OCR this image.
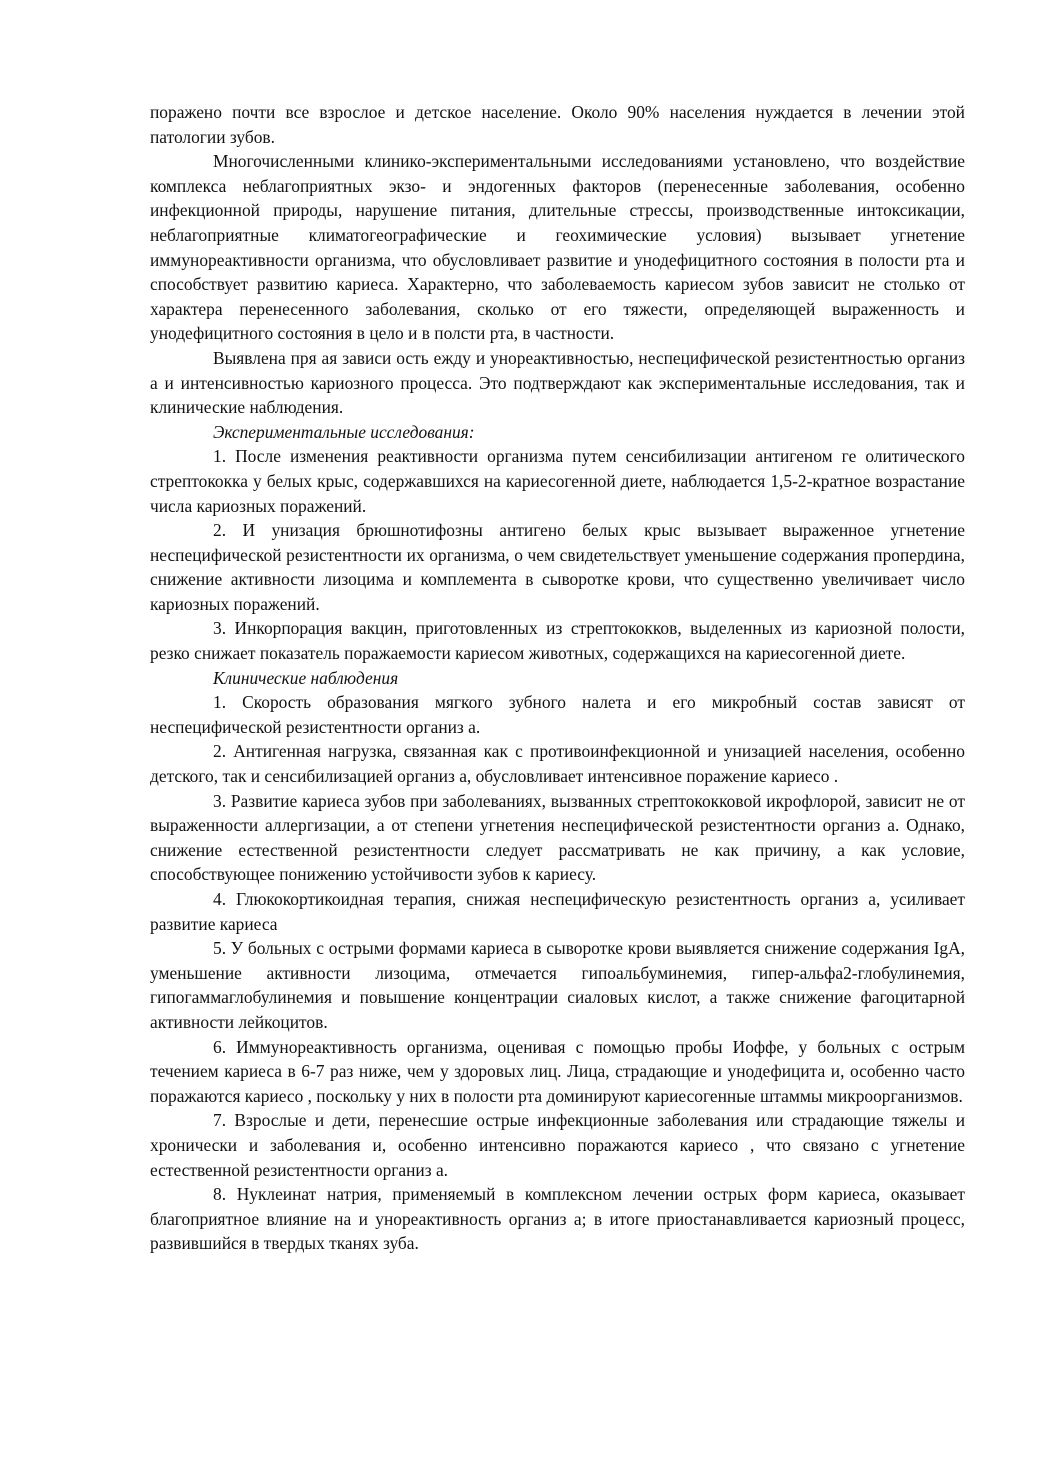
поражено почти все взрослое и детское население. Около 90% населения нуждается в лечении этой патологии зубов.

Многочисленными клинико-экспериментальными исследованиями установлено, что воздействие комплекса неблагоприятных экзо- и эндогенных факторов (перенесенные заболевания, особенно инфекционной природы, нарушение питания, длительные стрессы, производственные интоксикации, неблагоприятные климатогеографические и геохимические условия) вызывает угнетение иммунореактивности организма, что обусловливает развитие и унодефицитного состояния в полости рта и способствует развитию кариеса. Характерно, что заболеваемость кариесом зубов зависит не столько от характера перенесенного заболевания, сколько от его тяжести, определяющей выраженность и унодефицитного состояния в цело и в полсти рта, в частности.

Выявлена пря ая зависи ость ежду и унореактивностью, неспецифической резистентностью организ а и интенсивностью кариозного процесса. Это подтверждают как экспериментальные исследования, так и клинические наблюдения.

Экспериментальные исследования:

1. После изменения реактивности организма путем сенсибилизации антигеном ге олитического стрептококка у белых крыс, содержавшихся на кариесогенной диете, наблюдается 1,5-2-кратное возрастание числа кариозных поражений.

2. И унизация брюшнотифозны антигено белых крыс вызывает выраженное угнетение неспецифической резистентности их организма, о чем свидетельствует уменьшение содержания пропердина, снижение активности лизоцима и комплемента в сыворотке крови, что существенно увеличивает число кариозных поражений.

3. Инкорпорация вакцин, приготовленных из стрептококков, выделенных из кариозной полости, резко снижает показатель поражаемости кариесом животных, содержащихся на кариесогенной диете.

Клинические наблюдения

1. Скорость образования мягкого зубного налета и его микробный состав зависят от неспецифической резистентности организ а.

2. Антигенная нагрузка, связанная как с противоинфекционной и унизацией населения, особенно детского, так и сенсибилизацией организ а, обусловливает интенсивное поражение кариесо .

3. Развитие кариеса зубов при заболеваниях, вызванных стрептококковой икрофлорой, зависит не от выраженности аллергизации, а от степени угнетения неспецифической резистентности организ а. Однако, снижение естественной резистентности следует рассматривать не как причину, а как условие, способствующее понижению устойчивости зубов к кариесу.

4. Глюкокортикоидная терапия, снижая неспецифическую резистентность организ а, усиливает развитие кариеса

5. У больных с острыми формами кариеса в сыворотке крови выявляется снижение содержания IgA, уменьшение активности лизоцима, отмечается гипоальбуминемия, гипер-альфа2-глобулинемия, гипогаммаглобулинемия и повышение концентрации сиаловых кислот, а также снижение фагоцитарной активности лейкоцитов.

6. Иммунореактивность организма, оценивая с помощью пробы Иоффе, у больных с острым течением кариеса в 6-7 раз ниже, чем у здоровых лиц. Лица, страдающие и унодефицита и, особенно часто поражаются кариесо , поскольку у них в полости рта доминируют кариесогенные штаммы микроорганизмов.

7. Взрослые и дети, перенесшие острые инфекционные заболевания или страдающие тяжелы и хронически и заболевания и, особенно интенсивно поражаются кариесо , что связано с угнетение естественной резистентности организ а.

8. Нуклеинат натрия, применяемый в комплексном лечении острых форм кариеса, оказывает благоприятное влияние на и унореактивность организ а; в итоге приостанавливается кариозный процесс, развившийся в твердых тканях зуба.
